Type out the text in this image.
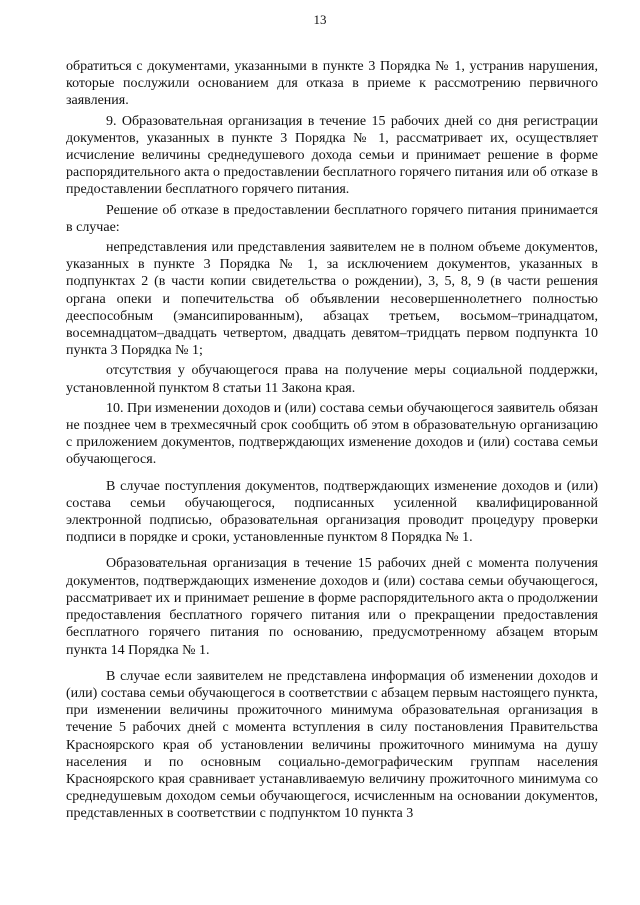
13

обратиться с документами, указанными в пункте 3 Порядка № 1, устранив нарушения, которые послужили основанием для отказа в приеме к рассмотрению первичного заявления.

9. Образовательная организация в течение 15 рабочих дней со дня регистрации документов, указанных в пункте 3 Порядка № 1, рассматривает их, осуществляет исчисление величины среднедушевого дохода семьи и принимает решение в форме распорядительного акта о предоставлении бесплатного горячего питания или об отказе в предоставлении бесплатного горячего питания.

Решение об отказе в предоставлении бесплатного горячего питания принимается в случае:

непредставления или представления заявителем не в полном объеме документов, указанных в пункте 3 Порядка № 1, за исключением документов, указанных в подпунктах 2 (в части копии свидетельства о рождении), 3, 5, 8, 9 (в части решения органа опеки и попечительства об объявлении несовершеннолетнего полностью дееспособным (эмансипированным), абзацах третьем, восьмом–тринадцатом, восемнадцатом–двадцать четвертом, двадцать девятом–тридцать первом подпункта 10 пункта 3 Порядка № 1;

отсутствия у обучающегося права на получение меры социальной поддержки, установленной пунктом 8 статьи 11 Закона края.

10. При изменении доходов и (или) состава семьи обучающегося заявитель обязан не позднее чем в трехмесячный срок сообщить об этом в образовательную организацию с приложением документов, подтверждающих изменение доходов и (или) состава семьи обучающегося.

В случае поступления документов, подтверждающих изменение доходов и (или) состава семьи обучающегося, подписанных усиленной квалифицированной электронной подписью, образовательная организация проводит процедуру проверки подписи в порядке и сроки, установленные пунктом 8 Порядка № 1.

Образовательная организация в течение 15 рабочих дней с момента получения документов, подтверждающих изменение доходов и (или) состава семьи обучающегося, рассматривает их и принимает решение в форме распорядительного акта о продолжении предоставления бесплатного горячего питания или о прекращении предоставления бесплатного горячего питания по основанию, предусмотренному абзацем вторым пункта 14 Порядка № 1.

В случае если заявителем не представлена информация об изменении доходов и (или) состава семьи обучающегося в соответствии с абзацем первым настоящего пункта, при изменении величины прожиточного минимума образовательная организация в течение 5 рабочих дней с момента вступления в силу постановления Правительства Красноярского края об установлении величины прожиточного минимума на душу населения и по основным социально-демографическим группам населения Красноярского края сравнивает устанавливаемую величину прожиточного минимума со среднедушевым доходом семьи обучающегося, исчисленным на основании документов, представленных в соответствии с подпунктом 10 пункта 3
